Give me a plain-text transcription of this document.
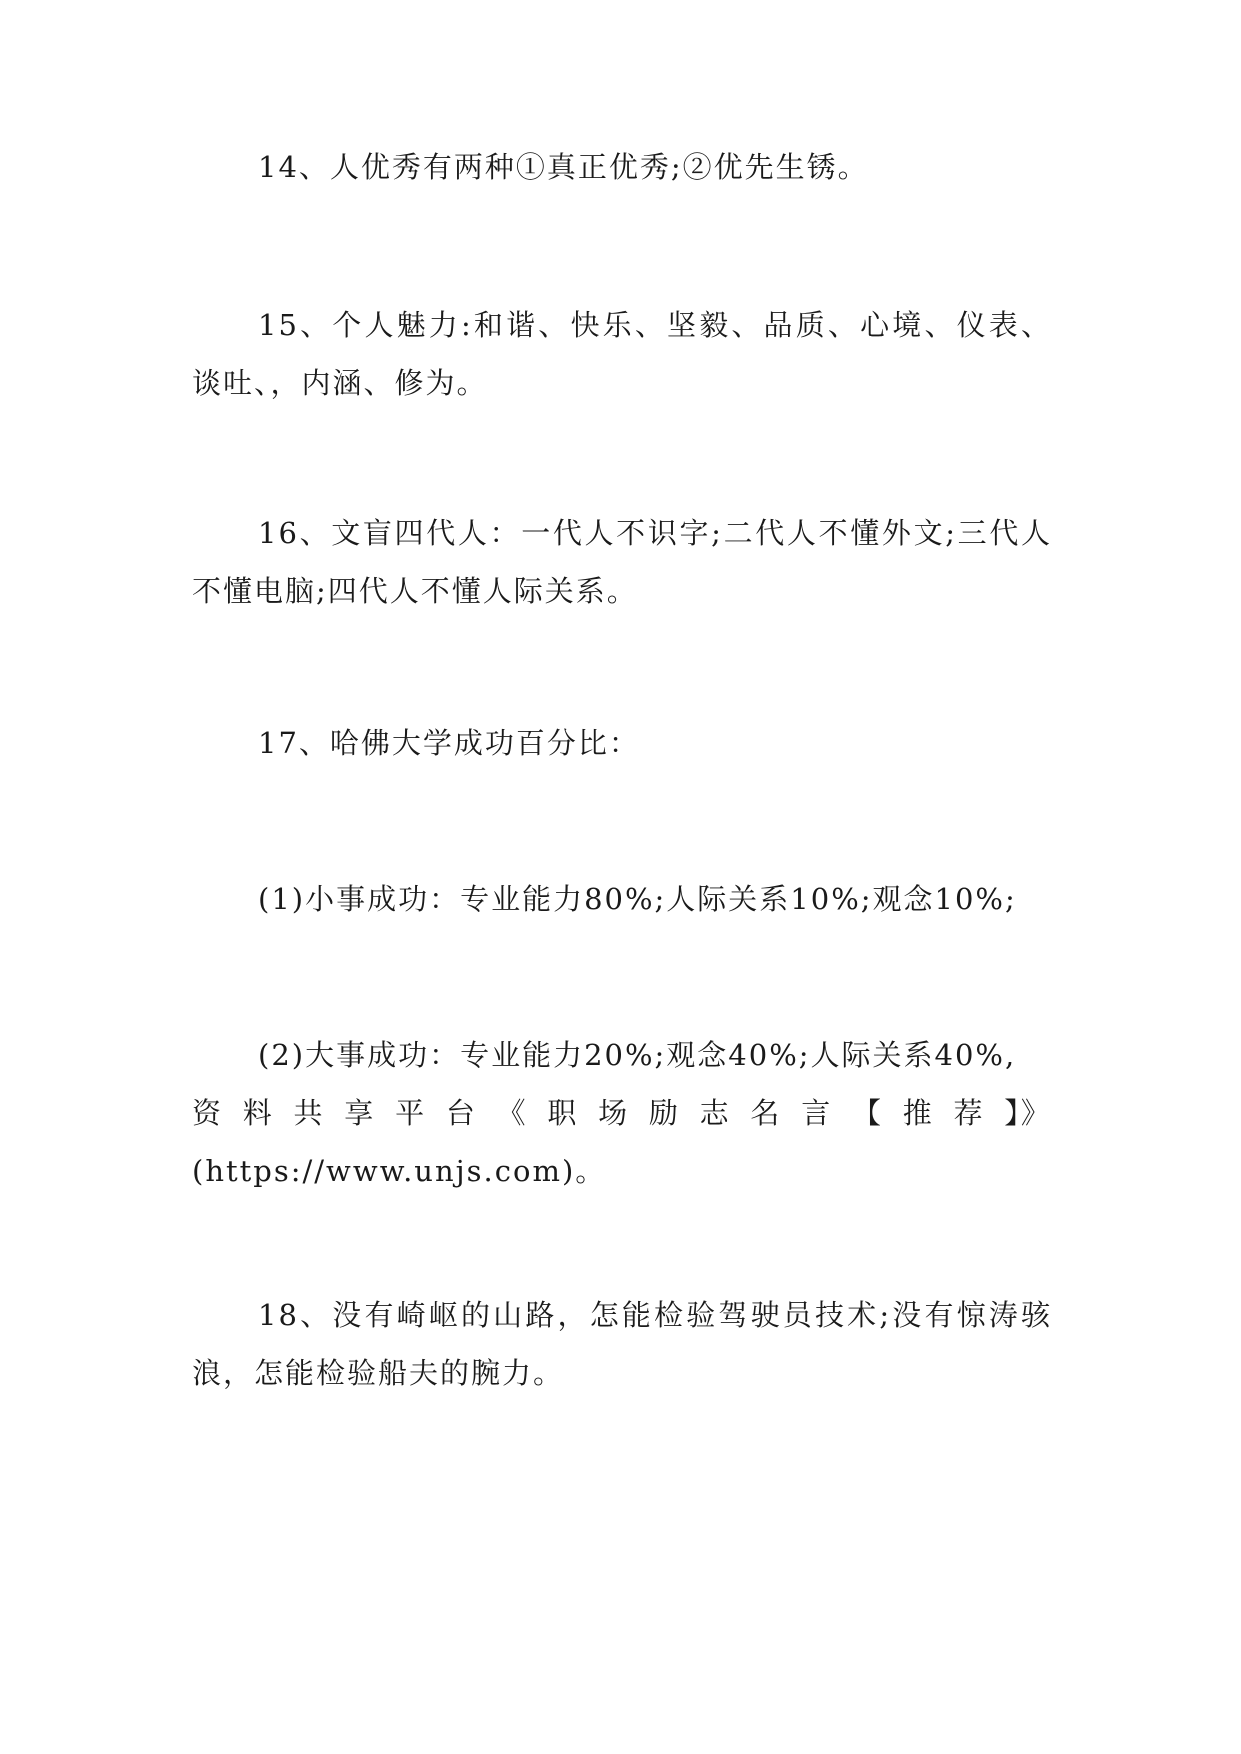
14、人优秀有两种①真正优秀;②优先生锈。

15、个人魅力:和谐、快乐、坚毅、品质、心境、仪表、谈吐、，内涵、修为。

16、文盲四代人：一代人不识字;二代人不懂外文;三代人不懂电脑;四代人不懂人际关系。

17、哈佛大学成功百分比：

(1)小事成功：专业能力80%;人际关系10%;观念10%;

(2)大事成功：专业能力20%;观念40%;人际关系40%,
资 料 共 享 平 台 《 职 场 励 志 名 言 【 推 荐 】》
(https://www.unjs.com)。

18、没有崎岖的山路，怎能检验驾驶员技术;没有惊涛骇浪，怎能检验船夫的腕力。
